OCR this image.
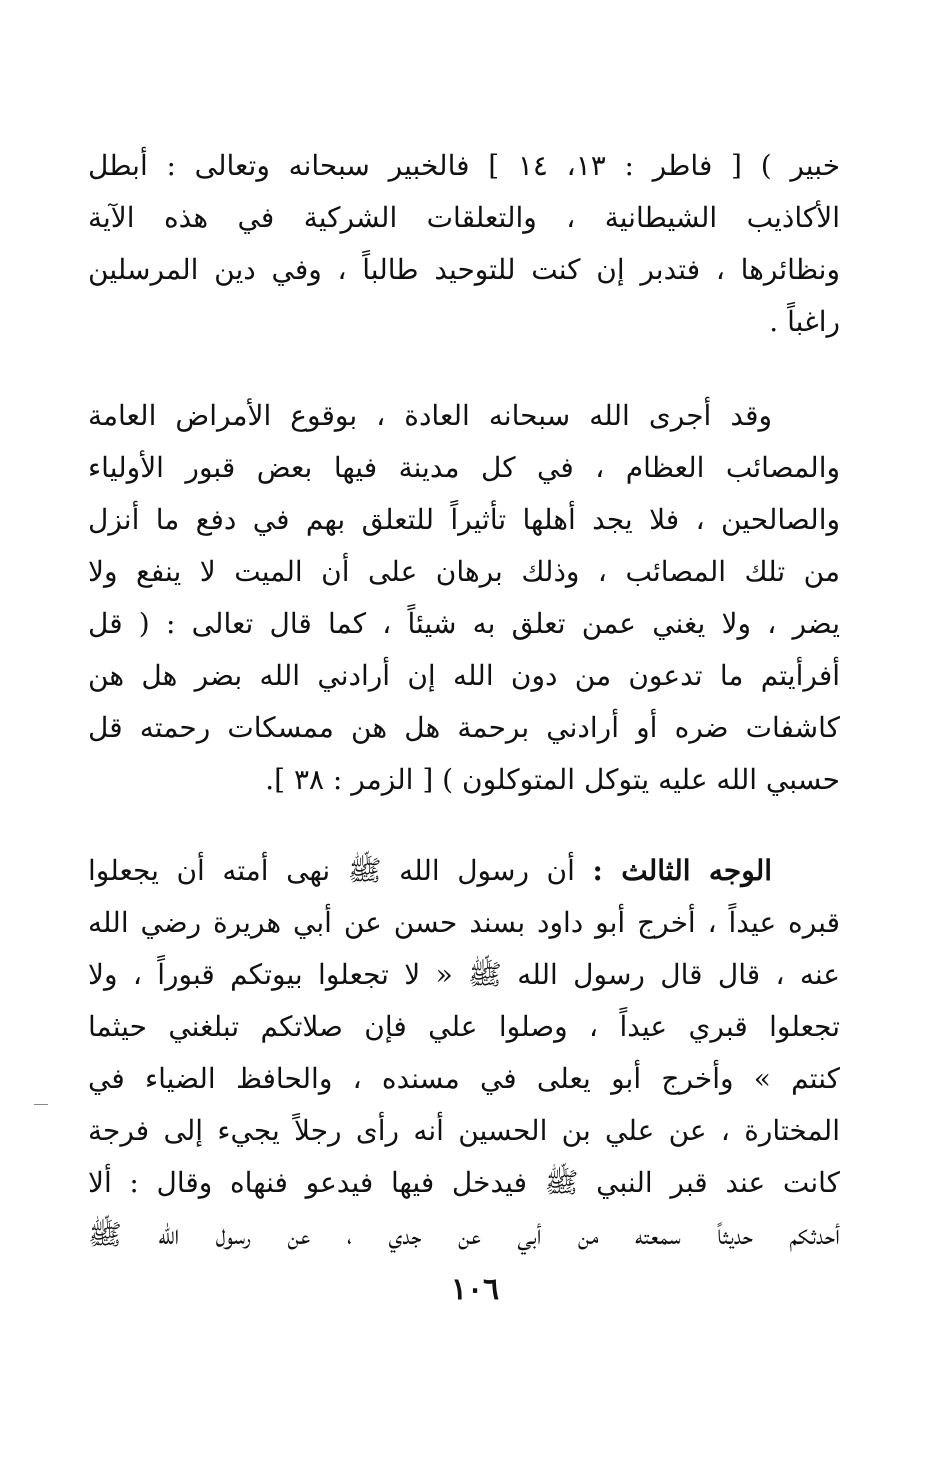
خبير ) [ فاطر : ١٣، ١٤ ] فالخبير سبحانه وتعالى : أبطل
الأكاذيب الشيطانية ، والتعلقات الشركية في هذه الآية
ونظائرها ، فتدبر إن كنت للتوحيد طالباً ، وفي دين المرسلين
راغباً .
وقد أجرى الله سبحانه العادة ، بوقوع الأمراض العامة
والمصائب العظام ، في كل مدينة فيها بعض قبور الأولياء
والصالحين ، فلا يجد أهلها تأثيراً للتعلق بهم في دفع ما أنزل
من تلك المصائب ، وذلك برهان على أن الميت لا ينفع ولا
يضر ، ولا يغني عمن تعلق به شيئاً ، كما قال تعالى : ( قل
أفرأيتم ما تدعون من دون الله إن أرادني الله بضر هل هن
كاشفات ضره أو أرادني برحمة هل هن ممسكات رحمته قل
حسبي الله عليه يتوكل المتوكلون ) [ الزمر : ٣٨ ].
الوجه الثالث : أن رسول الله ﷺ نهى أمته أن يجعلوا
قبره عيداً ، أخرج أبو داود بسند حسن عن أبي هريرة رضي الله
عنه ، قال قال رسول الله ﷺ « لا تجعلوا بيوتكم قبوراً ، ولا
تجعلوا قبري عيداً ، وصلوا علي فإن صلاتكم تبلغني حيثما
كنتم » وأخرج أبو يعلى في مسنده ، والحافظ الضياء في
المختارة ، عن علي بن الحسين أنه رأى رجلاً يجيء إلى فرجة
كانت عند قبر النبي ﷺ فيدخل فيها فيدعو فنهاه وقال : ألا
أحدثكم حديثاً سمعته من أبي عن جدي ، عن رسول الله ﷺ
١٠٦
